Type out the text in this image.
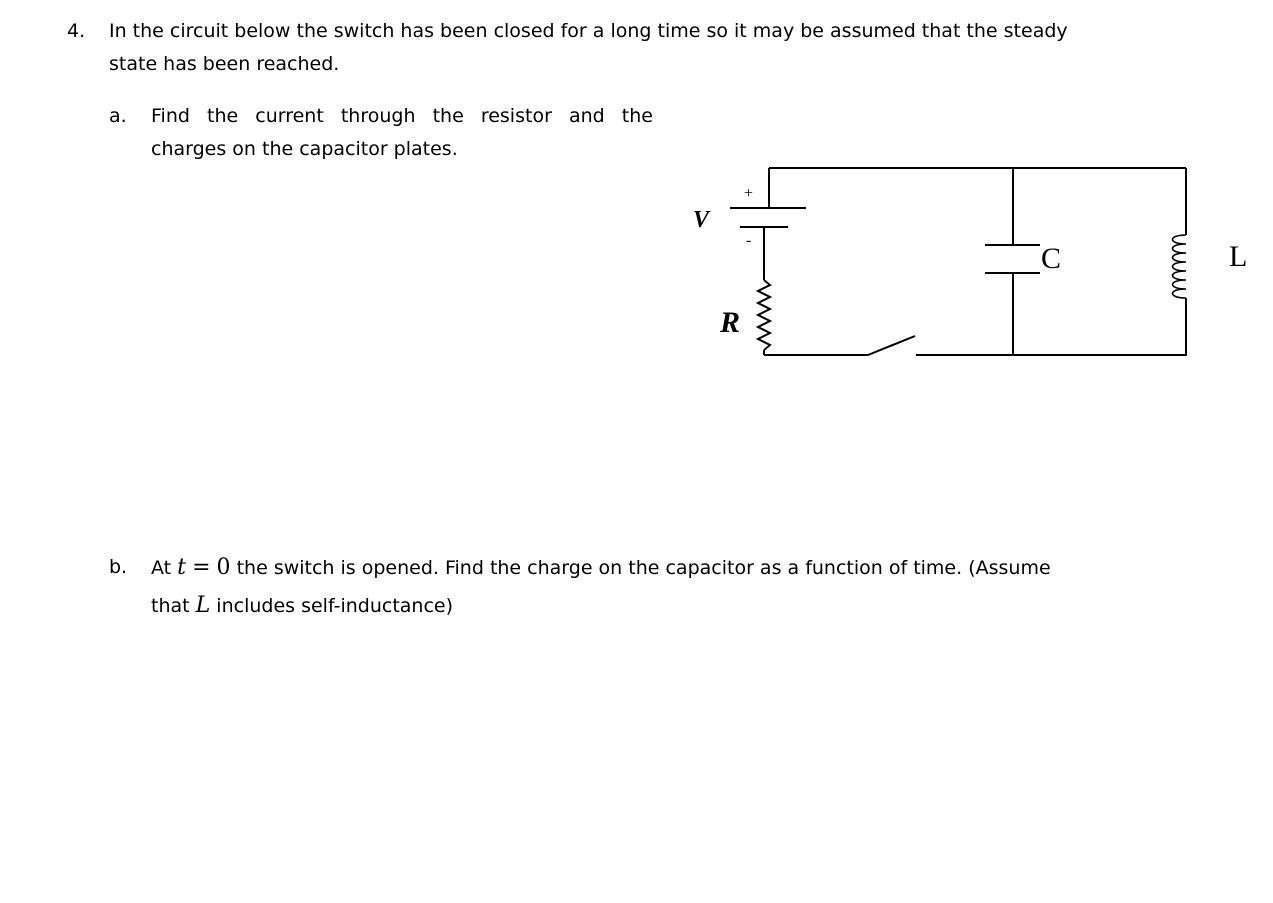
4. In the circuit below the switch has been closed for a long time so it may be assumed that the steady
state has been reached.
a. Find the current through the resistor and the
charges on the capacitor plates.
V
+
-
R
C	L
b. At t = 0 the switch is opened. Find the charge on the capacitor as a function of time. (Assume
that L includes self-inductance)
